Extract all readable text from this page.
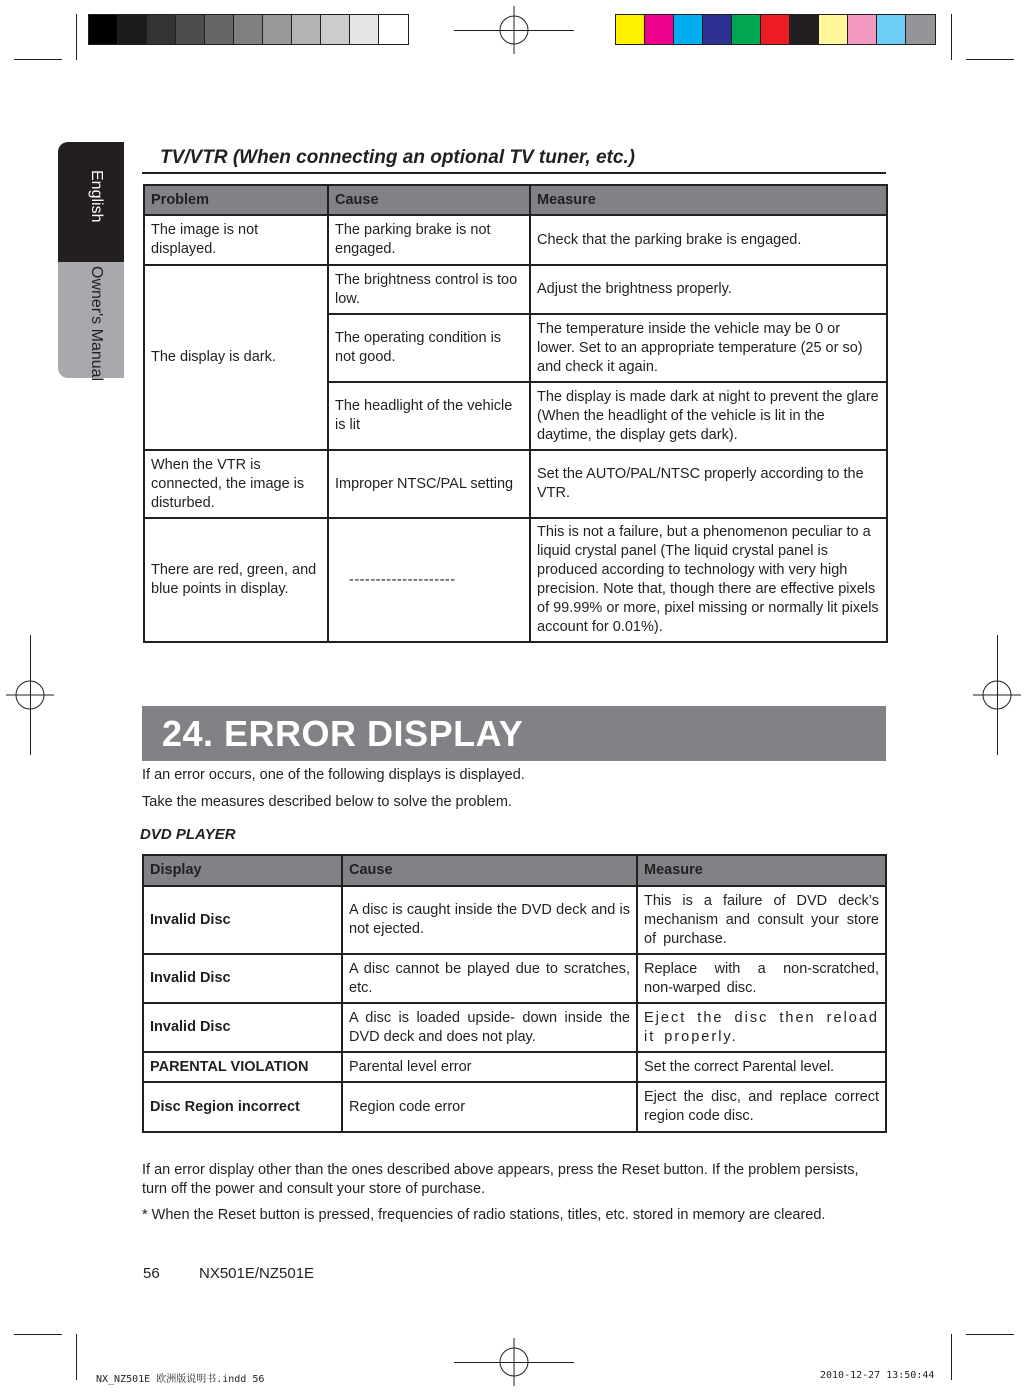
English
Owner's Manual
TV/VTR (When connecting an optional TV tuner, etc.)
Problem	Cause	Measure
The image is not displayed.	The parking brake is not engaged.	Check that the parking brake is engaged.
The display is dark.	The brightness control is too low.	Adjust the brightness properly.
	The operating condition is not good.	The temperature inside the vehicle may be 0 or lower. Set to an appropriate temperature (25 or so) and check it again.
	The headlight of the vehicle is lit	The display is made dark at night to prevent the glare (When the headlight of the vehicle is lit in the daytime, the display gets dark).
When the VTR is connected, the image is disturbed.	Improper NTSC/PAL setting	Set the AUTO/PAL/NTSC properly according to the VTR.
There are red, green, and blue points in display.	--------------------	This is not a failure, but a phenomenon peculiar to a liquid crystal panel (The liquid crystal panel is produced according to technology with very high precision. Note that, though there are effective pixels of 99.99% or more, pixel missing or normally lit pixels account for 0.01%).
24. ERROR DISPLAY
If an error occurs, one of the following displays is displayed.
Take the measures described below to solve the problem.
DVD PLAYER
Display	Cause	Measure
Invalid Disc	A disc is caught inside the DVD deck and is not ejected.	This is a failure of DVD deck’s mechanism and consult your store of purchase.
Invalid Disc	A disc cannot be played due to scratches, etc.	Replace with a non-scratched, non-warped disc.
Invalid Disc	A disc is loaded upside- down inside the DVD deck and does not play.	Eject the disc then reload it properly.
PARENTAL VIOLATION	Parental level error	Set the correct Parental level.
Disc Region incorrect	Region code error	Eject the disc, and replace correct region code disc.
If an error display other than the ones described above appears, press the Reset button. If the problem persists, turn off the power and consult your store of purchase.
* When the Reset button is pressed, frequencies of radio stations, titles, etc. stored in memory are cleared.
56	NX501E/NZ501E
NX_NZ501E 欧洲版说明书.indd 56	2010-12-27 13:50:44
